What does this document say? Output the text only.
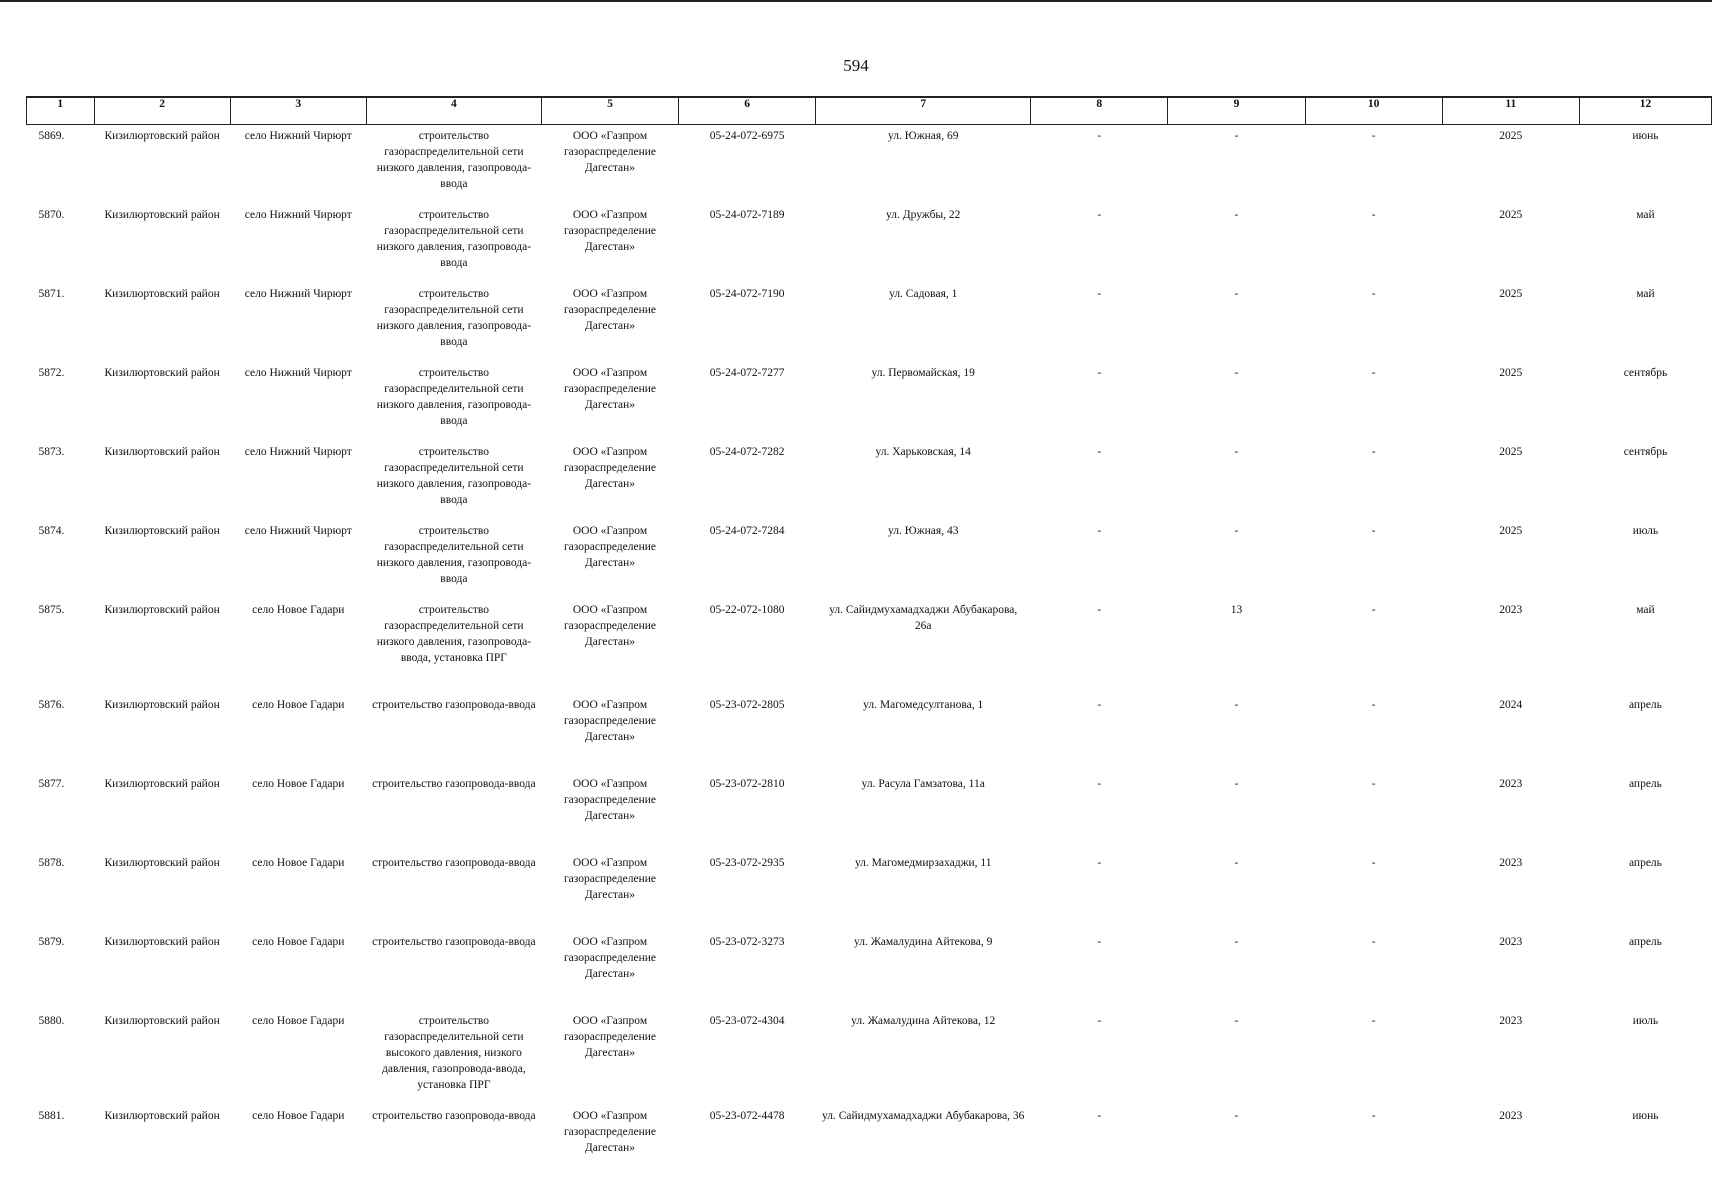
594
1	2	3	4	5	6	7	8	9	10	11	12
5869.	Кизилюртовский район	село Нижний Чирюрт	строительство газораспределительной сети низкого давления, газопровода-ввода	ООО «Газпром газораспределение Дагестан»	05-24-072-6975	ул. Южная, 69	-	-	-	2025	июнь
5870.	Кизилюртовский район	село Нижний Чирюрт	строительство газораспределительной сети низкого давления, газопровода-ввода	ООО «Газпром газораспределение Дагестан»	05-24-072-7189	ул. Дружбы, 22	-	-	-	2025	май
5871.	Кизилюртовский район	село Нижний Чирюрт	строительство газораспределительной сети низкого давления, газопровода-ввода	ООО «Газпром газораспределение Дагестан»	05-24-072-7190	ул. Садовая, 1	-	-	-	2025	май
5872.	Кизилюртовский район	село Нижний Чирюрт	строительство газораспределительной сети низкого давления, газопровода-ввода	ООО «Газпром газораспределение Дагестан»	05-24-072-7277	ул. Первомайская, 19	-	-	-	2025	сентябрь
5873.	Кизилюртовский район	село Нижний Чирюрт	строительство газораспределительной сети низкого давления, газопровода-ввода	ООО «Газпром газораспределение Дагестан»	05-24-072-7282	ул. Харьковская, 14	-	-	-	2025	сентябрь
5874.	Кизилюртовский район	село Нижний Чирюрт	строительство газораспределительной сети низкого давления, газопровода-ввода	ООО «Газпром газораспределение Дагестан»	05-24-072-7284	ул. Южная, 43	-	-	-	2025	июль
5875.	Кизилюртовский район	село Новое Гадари	строительство газораспределительной сети низкого давления, газопровода-ввода, установка ПРГ	ООО «Газпром газораспределение Дагестан»	05-22-072-1080	ул. Сайидмухамадхаджи Абубакарова, 26а	-	13	-	2023	май
5876.	Кизилюртовский район	село Новое Гадари	строительство газопровода-ввода	ООО «Газпром газораспределение Дагестан»	05-23-072-2805	ул. Магомедсултанова, 1	-	-	-	2024	апрель
5877.	Кизилюртовский район	село Новое Гадари	строительство газопровода-ввода	ООО «Газпром газораспределение Дагестан»	05-23-072-2810	ул. Расула Гамзатова, 11а	-	-	-	2023	апрель
5878.	Кизилюртовский район	село Новое Гадари	строительство газопровода-ввода	ООО «Газпром газораспределение Дагестан»	05-23-072-2935	ул. Магомедмирзахаджи, 11	-	-	-	2023	апрель
5879.	Кизилюртовский район	село Новое Гадари	строительство газопровода-ввода	ООО «Газпром газораспределение Дагестан»	05-23-072-3273	ул. Жамалудина Айтекова, 9	-	-	-	2023	апрель
5880.	Кизилюртовский район	село Новое Гадари	строительство газораспределительной сети высокого давления, низкого давления, газопровода-ввода, установка ПРГ	ООО «Газпром газораспределение Дагестан»	05-23-072-4304	ул. Жамалудина Айтекова, 12	-	-	-	2023	июль
5881.	Кизилюртовский район	село Новое Гадари	строительство газопровода-ввода	ООО «Газпром газораспределение Дагестан»	05-23-072-4478	ул. Сайидмухамадхаджи Абубакарова, 36	-	-	-	2023	июнь
